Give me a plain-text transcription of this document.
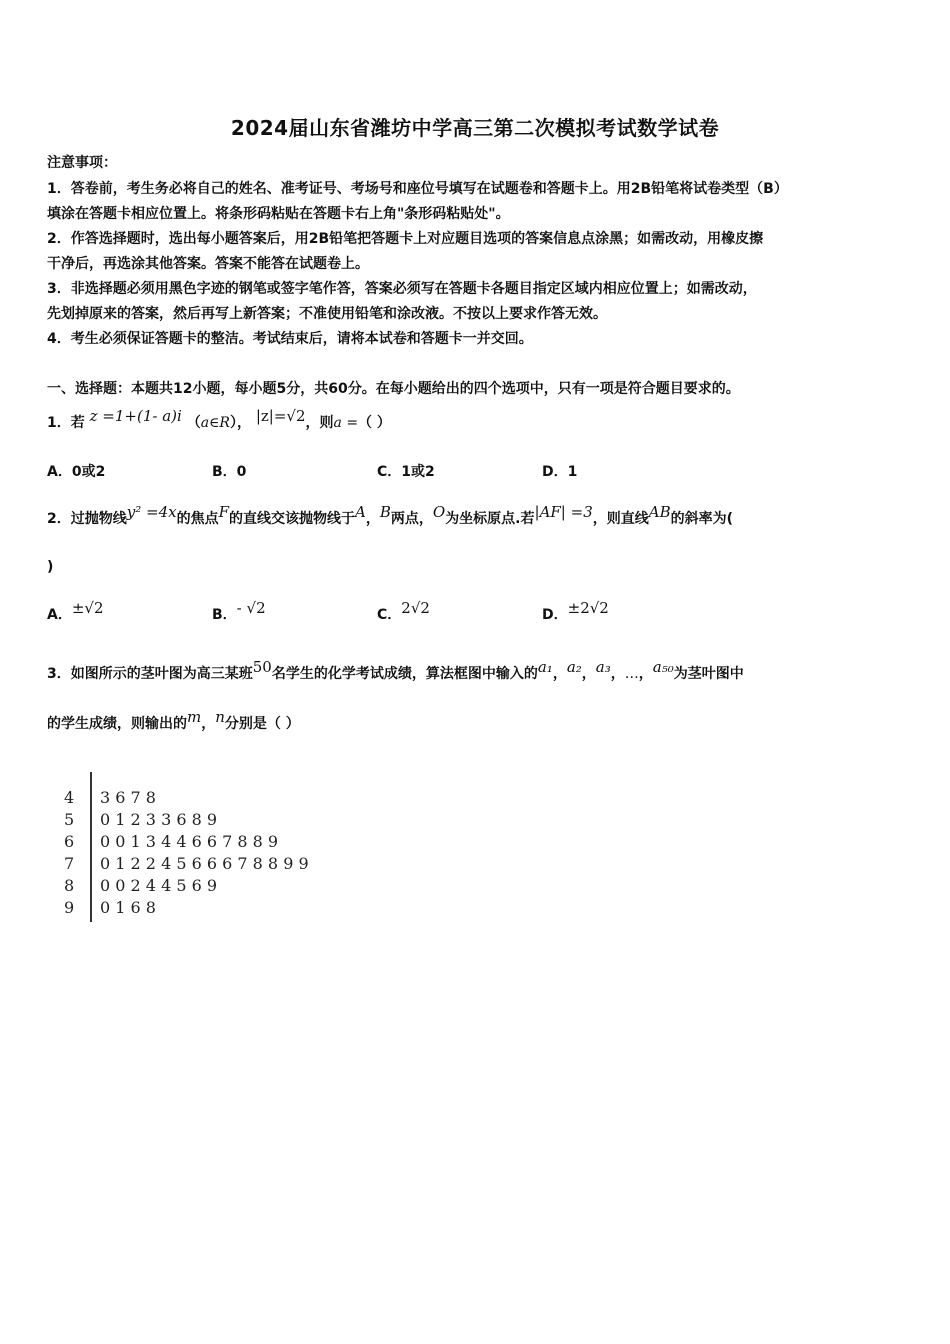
2024届山东省潍坊中学高三第二次模拟考试数学试卷
注意事项：
1．答卷前，考生务必将自己的姓名、准考证号、考场号和座位号填写在试题卷和答题卡上。用2B铅笔将试卷类型（B）
填涂在答题卡相应位置上。将条形码粘贴在答题卡右上角"条形码粘贴处"。
2．作答选择题时，选出每小题答案后，用2B铅笔把答题卡上对应题目选项的答案信息点涂黑；如需改动，用橡皮擦
干净后，再选涂其他答案。答案不能答在试题卷上。
3．非选择题必须用黑色字迹的钢笔或签字笔作答，答案必须写在答题卡各题目指定区域内相应位置上；如需改动，
先划掉原来的答案，然后再写上新答案；不准使用铅笔和涂改液。不按以上要求作答无效。
4．考生必须保证答题卡的整洁。考试结束后，请将本试卷和答题卡一并交回。
一、选择题：本题共12小题，每小题5分，共60分。在每小题给出的四个选项中，只有一项是符合题目要求的。
1．若 z =1+(1- a)i （a∈R）， |z|=√2，则a =（ ）
A．0或2	B．0	C．1或2	D．1
2．过抛物线y² =4x的焦点F的直线交该抛物线于A，B两点，O为坐标原点.若|AF| =3，则直线AB的斜率为(
)
A．±√2	B．- √2	C．2√2	D．±2√2
3．如图所示的茎叶图为高三某班50名学生的化学考试成绩，算法框图中输入的a₁，a₂，a₃，…，a₅₀为茎叶图中
的学生成绩，则输出的m，n分别是（ ）
4	3 6 7 8
5	0 1 2 3 3 6 8 9
6	0 0 1 3 4 4 6 6 7 8 8 9
7	0 1 2 2 4 5 6 6 6 7 8 8 9 9
8	0 0 2 4 4 5 6 9
9	0 1 6 8
